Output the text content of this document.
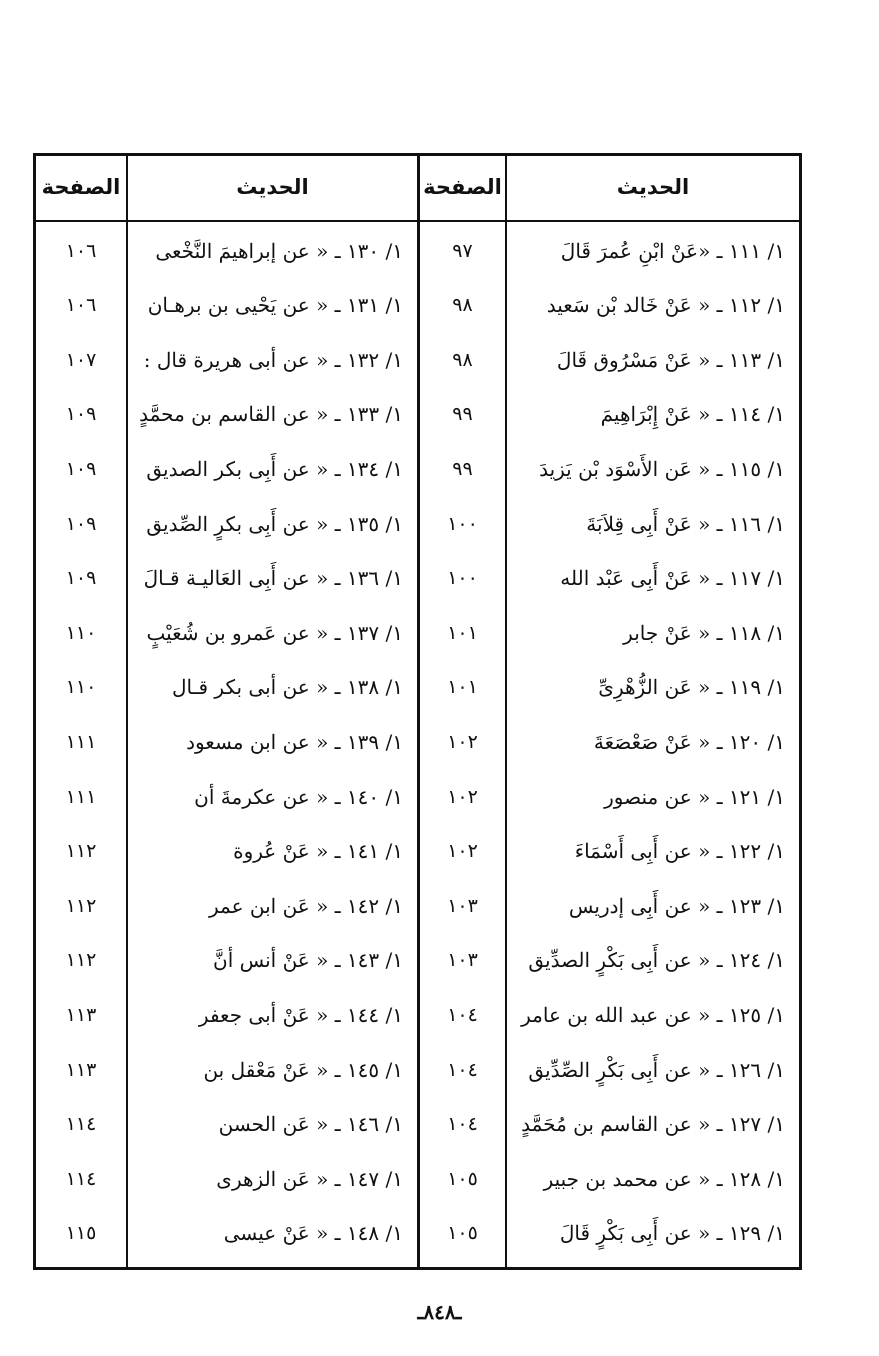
الحديث
الصفحة
الحديث
الصفحة
١/ ١١١ ـ «عَنْ ابْنِ عُمرَ قَالَ
٩٧
١/ ١٣٠ ـ « عن إبراهيمَ النَّخْعى
١٠٦
١/ ١١٢ ـ « عَنْ خَالد بْن سَعيد
٩٨
١/ ١٣١ ـ « عن يَحْيى بن برهـان
١٠٦
١/ ١١٣ ـ « عَنْ مَسْرُوق قَالَ
٩٨
١/ ١٣٢ ـ « عن أبى هريرة قال :
١٠٧
١/ ١١٤ ـ « عَنْ إِبْرَاهِيمَ
٩٩
١/ ١٣٣ ـ « عن القاسم بن محمَّدٍ
١٠٩
١/ ١١٥ ـ « عَن الأَسْوَد بْن يَزيدَ
٩٩
١/ ١٣٤ ـ « عن أَبِى بكر الصديق
١٠٩
١/ ١١٦ ـ « عَنْ أَبِى قِلاَبَةَ
١٠٠
١/ ١٣٥ ـ « عن أَبِى بكرٍ الصِّديق
١٠٩
١/ ١١٧ ـ « عَنْ أَبِى عَبْد الله
١٠٠
١/ ١٣٦ ـ « عن أَبِى العَاليـة قـالَ
١٠٩
١/ ١١٨ ـ « عَنْ جابر
١٠١
١/ ١٣٧ ـ « عن عَمرو بن شُعَيْبٍ
١١٠
١/ ١١٩ ـ « عَن الزُّهْرِىِّ
١٠١
١/ ١٣٨ ـ « عن أبى بكر قـال
١١٠
١/ ١٢٠ ـ « عَنْ صَعْصَعَةَ
١٠٢
١/ ١٣٩ ـ « عن ابن مسعود
١١١
١/ ١٢١ ـ « عن منصور
١٠٢
١/ ١٤٠ ـ « عن عكرمةَ أن
١١١
١/ ١٢٢ ـ « عن أَبِى أَسْمَاءَ
١٠٢
١/ ١٤١ ـ « عَنْ عُروة
١١٢
١/ ١٢٣ ـ « عن أَبِى إدريس
١٠٣
١/ ١٤٢ ـ « عَن ابن عمر
١١٢
١/ ١٢٤ ـ « عن أَبِى بَكْرٍ الصدِّيق
١٠٣
١/ ١٤٣ ـ « عَنْ أنس أنَّ
١١٢
١/ ١٢٥ ـ « عن عبد الله بن عامر
١٠٤
١/ ١٤٤ ـ « عَنْ أبى جعفر
١١٣
١/ ١٢٦ ـ « عن أَبِى بَكْرٍ الصِّدِّيق
١٠٤
١/ ١٤٥ ـ « عَنْ مَعْقل بن
١١٣
١/ ١٢٧ ـ « عن القاسم بن مُحَمَّدٍ
١٠٤
١/ ١٤٦ ـ « عَن الحسن
١١٤
١/ ١٢٨ ـ « عن محمد بن جبير
١٠٥
١/ ١٤٧ ـ « عَن الزهرى
١١٤
١/ ١٢٩ ـ « عن أَبِى بَكْرٍ قَالَ
١٠٥
١/ ١٤٨ ـ « عَنْ عيسى
١١٥
ـ٨٤٨ـ
